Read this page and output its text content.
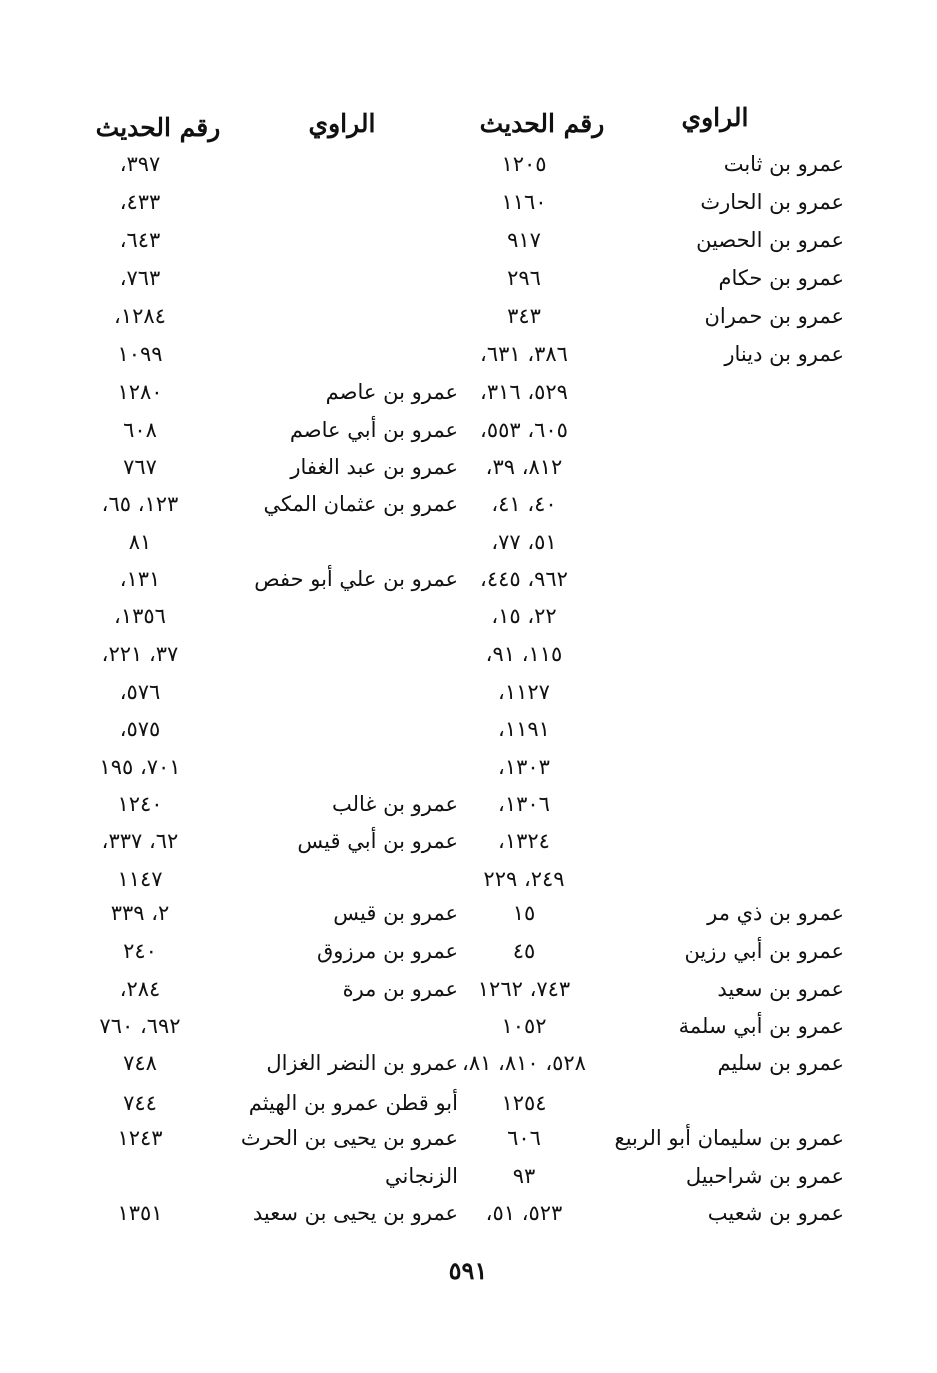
الراوي
رقم الحديث
الراوي
رقم الحديث
عمرو بن ثابت
١٢٠٥
عمرو بن الحارث
١١٦٠
عمرو بن الحصين
٩١٧
عمرو بن حكام
٢٩٦
عمرو بن حمران
٣٤٣
عمرو بن دينار
٣٨٦، ٦٣١،
٥٢٩، ٣١٦،
٦٠٥، ٥٥٣،
٨١٢، ٣٩،
٤٠، ٤١،
٥١، ٧٧،
٩٦٢، ٤٤٥،
٢٢، ١٥،
١١٥، ٩١،
١١٢٧،
١١٩١،
١٣٠٣،
١٣٠٦،
١٣٢٤،
٢٤٩، ٢٢٩
عمرو بن ذي مر
١٥
عمرو بن أبي رزين
٤٥
عمرو بن سعيد
٧٤٣، ١٢٦٢
عمرو بن أبي سلمة
١٠٥٢
عمرو بن سليم
٥٢٨، ٨١٠، ٨١،
١٢٥٤
عمرو بن سليمان أبو الربيع
٦٠٦
عمرو بن شراحبيل
٩٣
عمرو بن شعيب
٥٢٣، ٥١،
٣٩٧،
٤٣٣،
٦٤٣،
٧٦٣،
١٢٨٤،
١٠٩٩
عمرو بن عاصم
١٢٨٠
عمرو بن أبي عاصم
٦٠٨
عمرو بن عبد الغفار
٧٦٧
عمرو بن عثمان المكي
١٢٣، ٦٥،
٨١
عمرو بن علي أبو حفص
١٣١،
١٣٥٦،
٣٧، ٢٢١،
٥٧٦،
٥٧٥،
٧٠١، ١٩٥
عمرو بن غالب
١٢٤٠
عمرو بن أبي قيس
٦٢، ٣٣٧،
١١٤٧
عمرو بن قيس
٢، ٣٣٩
عمرو بن مرزوق
٢٤٠
عمرو بن مرة
٢٨٤،
٦٩٢، ٧٦٠
عمرو بن النضر الغزال
٧٤٨
أبو قطن عمرو بن الهيثم
٧٤٤
عمرو بن يحيى بن الحرث
١٢٤٣
الزنجاني
عمرو بن يحيى بن سعيد
١٣٥١
٥٩١
